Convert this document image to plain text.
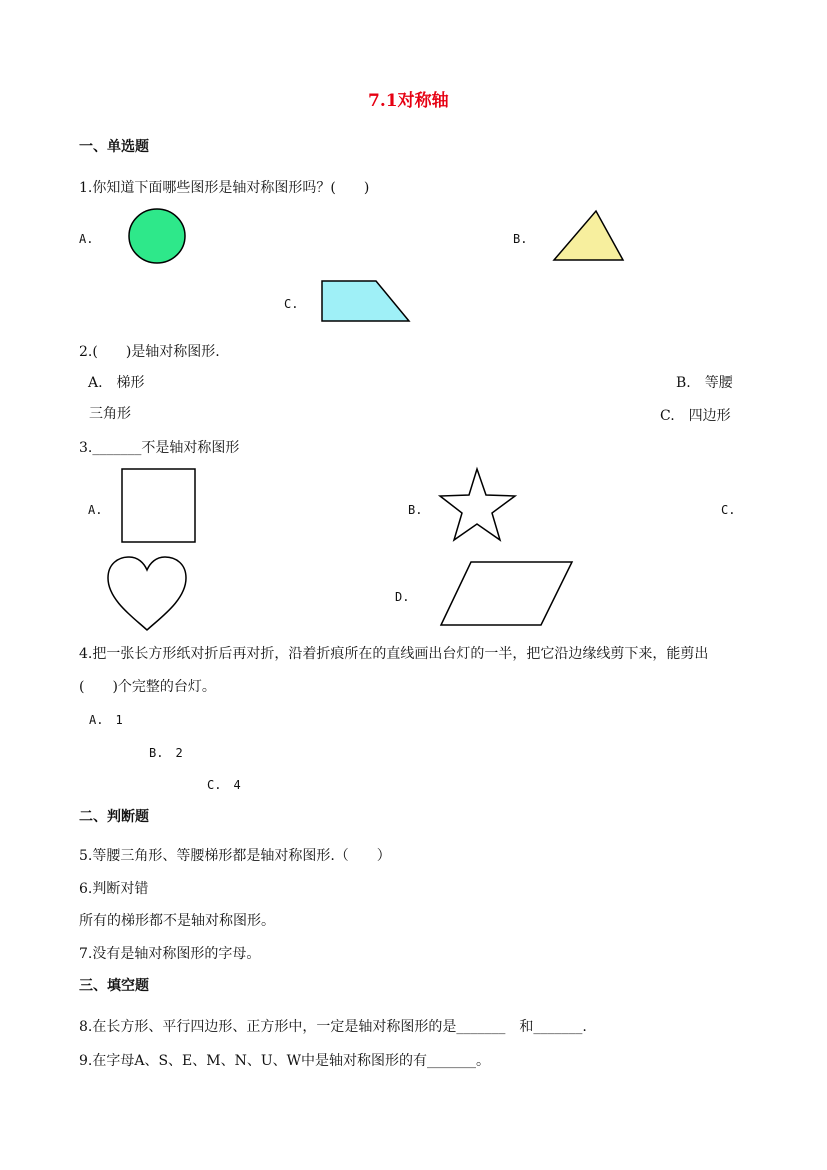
7.1对称轴
一、单选题
1.你知道下面哪些图形是轴对称图形吗？(　　)
A.	B.
C.
2.(　　)是轴对称图形.
A.　梯形	B.　等腰
三角形	C.　四边形
3._______不是轴对称图形
A.	B.	C.
D.
4.把一张长方形纸对折后再对折，沿着折痕所在的直线画出台灯的一半，把它沿边缘线剪下来，能剪出
(　　)个完整的台灯。
A.　1
B.　2
C.　4
二、判断题
5.等腰三角形、等腰梯形都是轴对称图形.（　　）
6.判断对错
所有的梯形都不是轴对称图形。
7.没有是轴对称图形的字母。
三、填空题
8.在长方形、平行四边形、正方形中，一定是轴对称图形的是_______　和_______.
9.在字母A、S、E、M、N、U、W中是轴对称图形的有_______。
